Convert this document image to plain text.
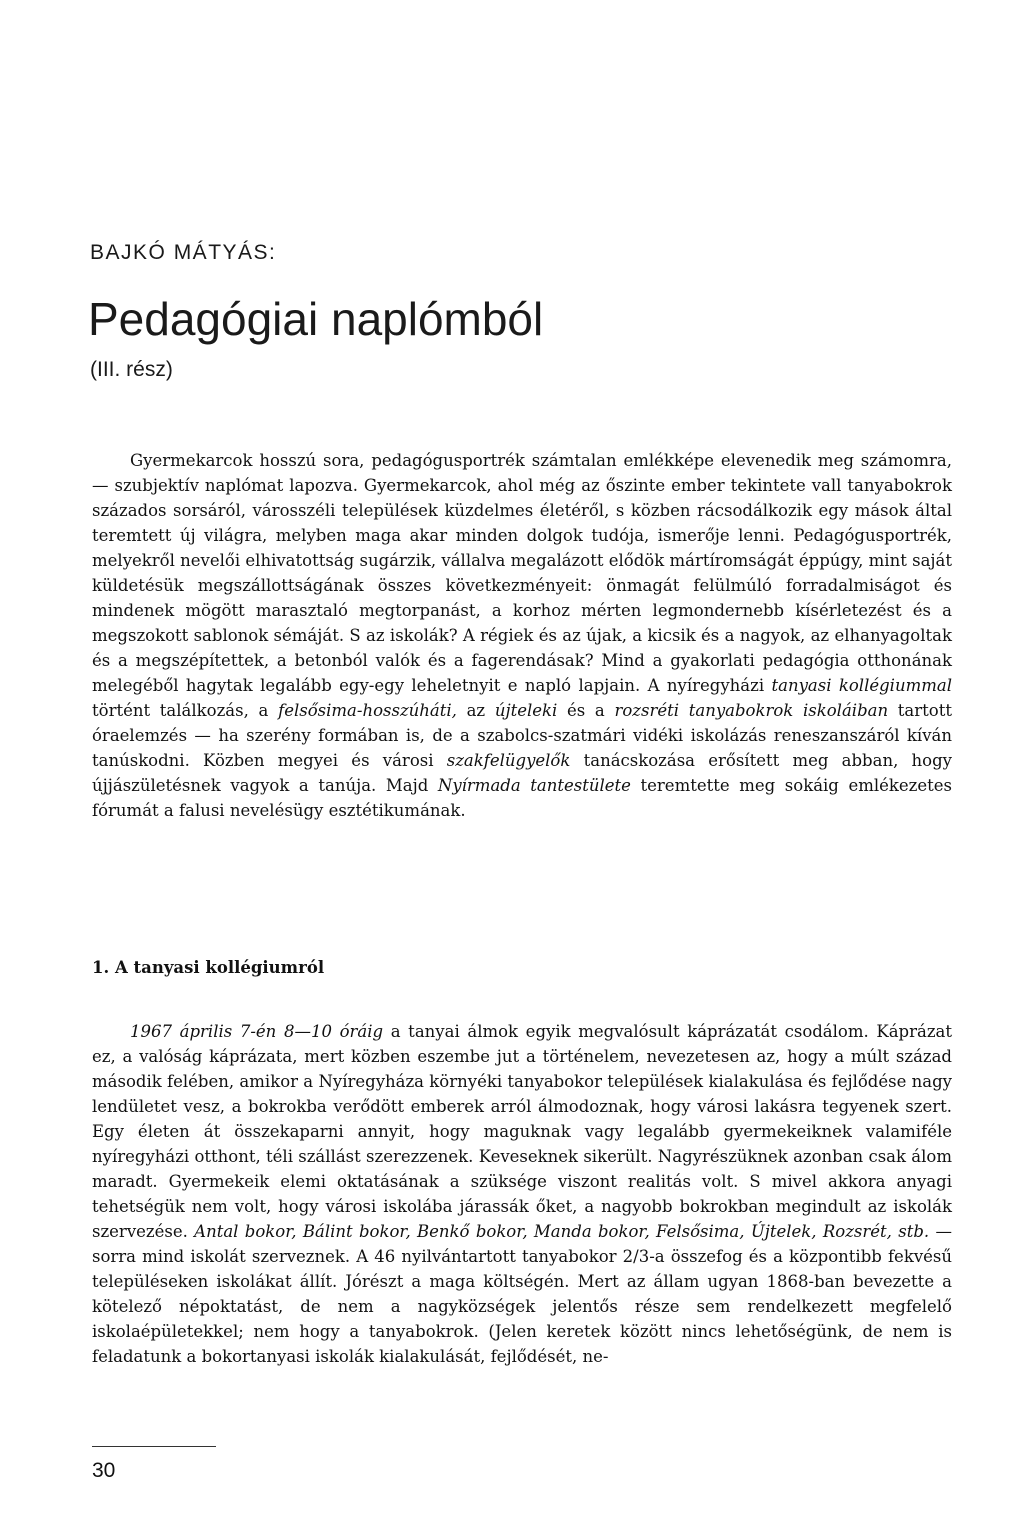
BAJKÓ MÁTYÁS:
Pedagógiai naplómból
(III. rész)

Gyermekarcok hosszú sora, pedagógusportrék számtalan emlékképe elevenedik meg számomra, — szubjektív naplómat lapozva. Gyermekarcok, ahol még az őszinte ember tekintete vall tanyabokrok százados sorsáról, városszéli települések küzdelmes életéről, s közben rácsodálkozik egy mások által teremtett új világra, melyben maga akar minden dolgok tudója, ismerője lenni. Pedagógusportrék, melyekről nevelői elhivatottság sugárzik, vállalva megalázott elődök mártíromságát éppúgy, mint saját küldetésük megszállottságának összes következményeit: önmagát felülmúló forradalmiságot és mindenek mögött marasztaló megtorpanást, a korhoz mérten legmondernebb kísérletezést és a megszokott sablonok sémáját. S az iskolák? A régiek és az újak, a kicsik és a nagyok, az elhanyagoltak és a megszépítettek, a betonból valók és a fagerendásak? Mind a gyakorlati pedagógia otthonának melegéből hagytak legalább egy-egy leheletnyit e napló lapjain. A nyíregyházi tanyasi kollégiummal történt találkozás, a felsősima-hosszúháti, az újteleki és a rozsréti tanyabokrok iskoláiban tartott óraelemzés — ha szerény formában is, de a szabolcs-szatmári vidéki iskolázás reneszanszáról kíván tanúskodni. Közben megyei és városi szakfelügyelők tanácskozása erősített meg abban, hogy újjászületésnek vagyok a tanúja. Majd Nyírmada tantestülete teremtette meg sokáig emlékezetes fórumát a falusi nevelésügy esztétikumának.

1. A tanyasi kollégiumról

1967 április 7-én 8—10 óráig a tanyai álmok egyik megvalósult káprázatát csodálom. Káprázat ez, a valóság káprázata, mert közben eszembe jut a történelem, nevezetesen az, hogy a múlt század második felében, amikor a Nyíregyháza környéki tanyabokor települések kialakulása és fejlődése nagy lendületet vesz, a bokrokba verődött emberek arról álmodoznak, hogy városi lakásra tegyenek szert. Egy életen át összekaparni annyit, hogy maguknak vagy legalább gyermekeiknek valamiféle nyíregyházi otthont, téli szállást szerezzenek. Keveseknek sikerült. Nagyrészüknek azonban csak álom maradt. Gyermekeik elemi oktatásának a szüksége viszont realitás volt. S mivel akkora anyagi tehetségük nem volt, hogy városi iskolába járassák őket, a nagyobb bokrokban megindult az iskolák szervezése. Antal bokor, Bálint bokor, Benkő bokor, Manda bokor, Felsősima, Újtelek, Rozsrét, stb. — sorra mind iskolát szerveznek. A 46 nyilvántartott tanyabokor 2/3-a összefog és a központibb fekvésű településeken iskolákat állít. Jórészt a maga költségén. Mert az állam ugyan 1868-ban bevezette a kötelező népoktatást, de nem a nagyközségek jelentős része sem rendelkezett megfelelő iskolaépületekkel; nem hogy a tanyabokrok. (Jelen keretek között nincs lehetőségünk, de nem is feladatunk a bokortanyasi iskolák kialakulását, fejlődését, ne-

30
